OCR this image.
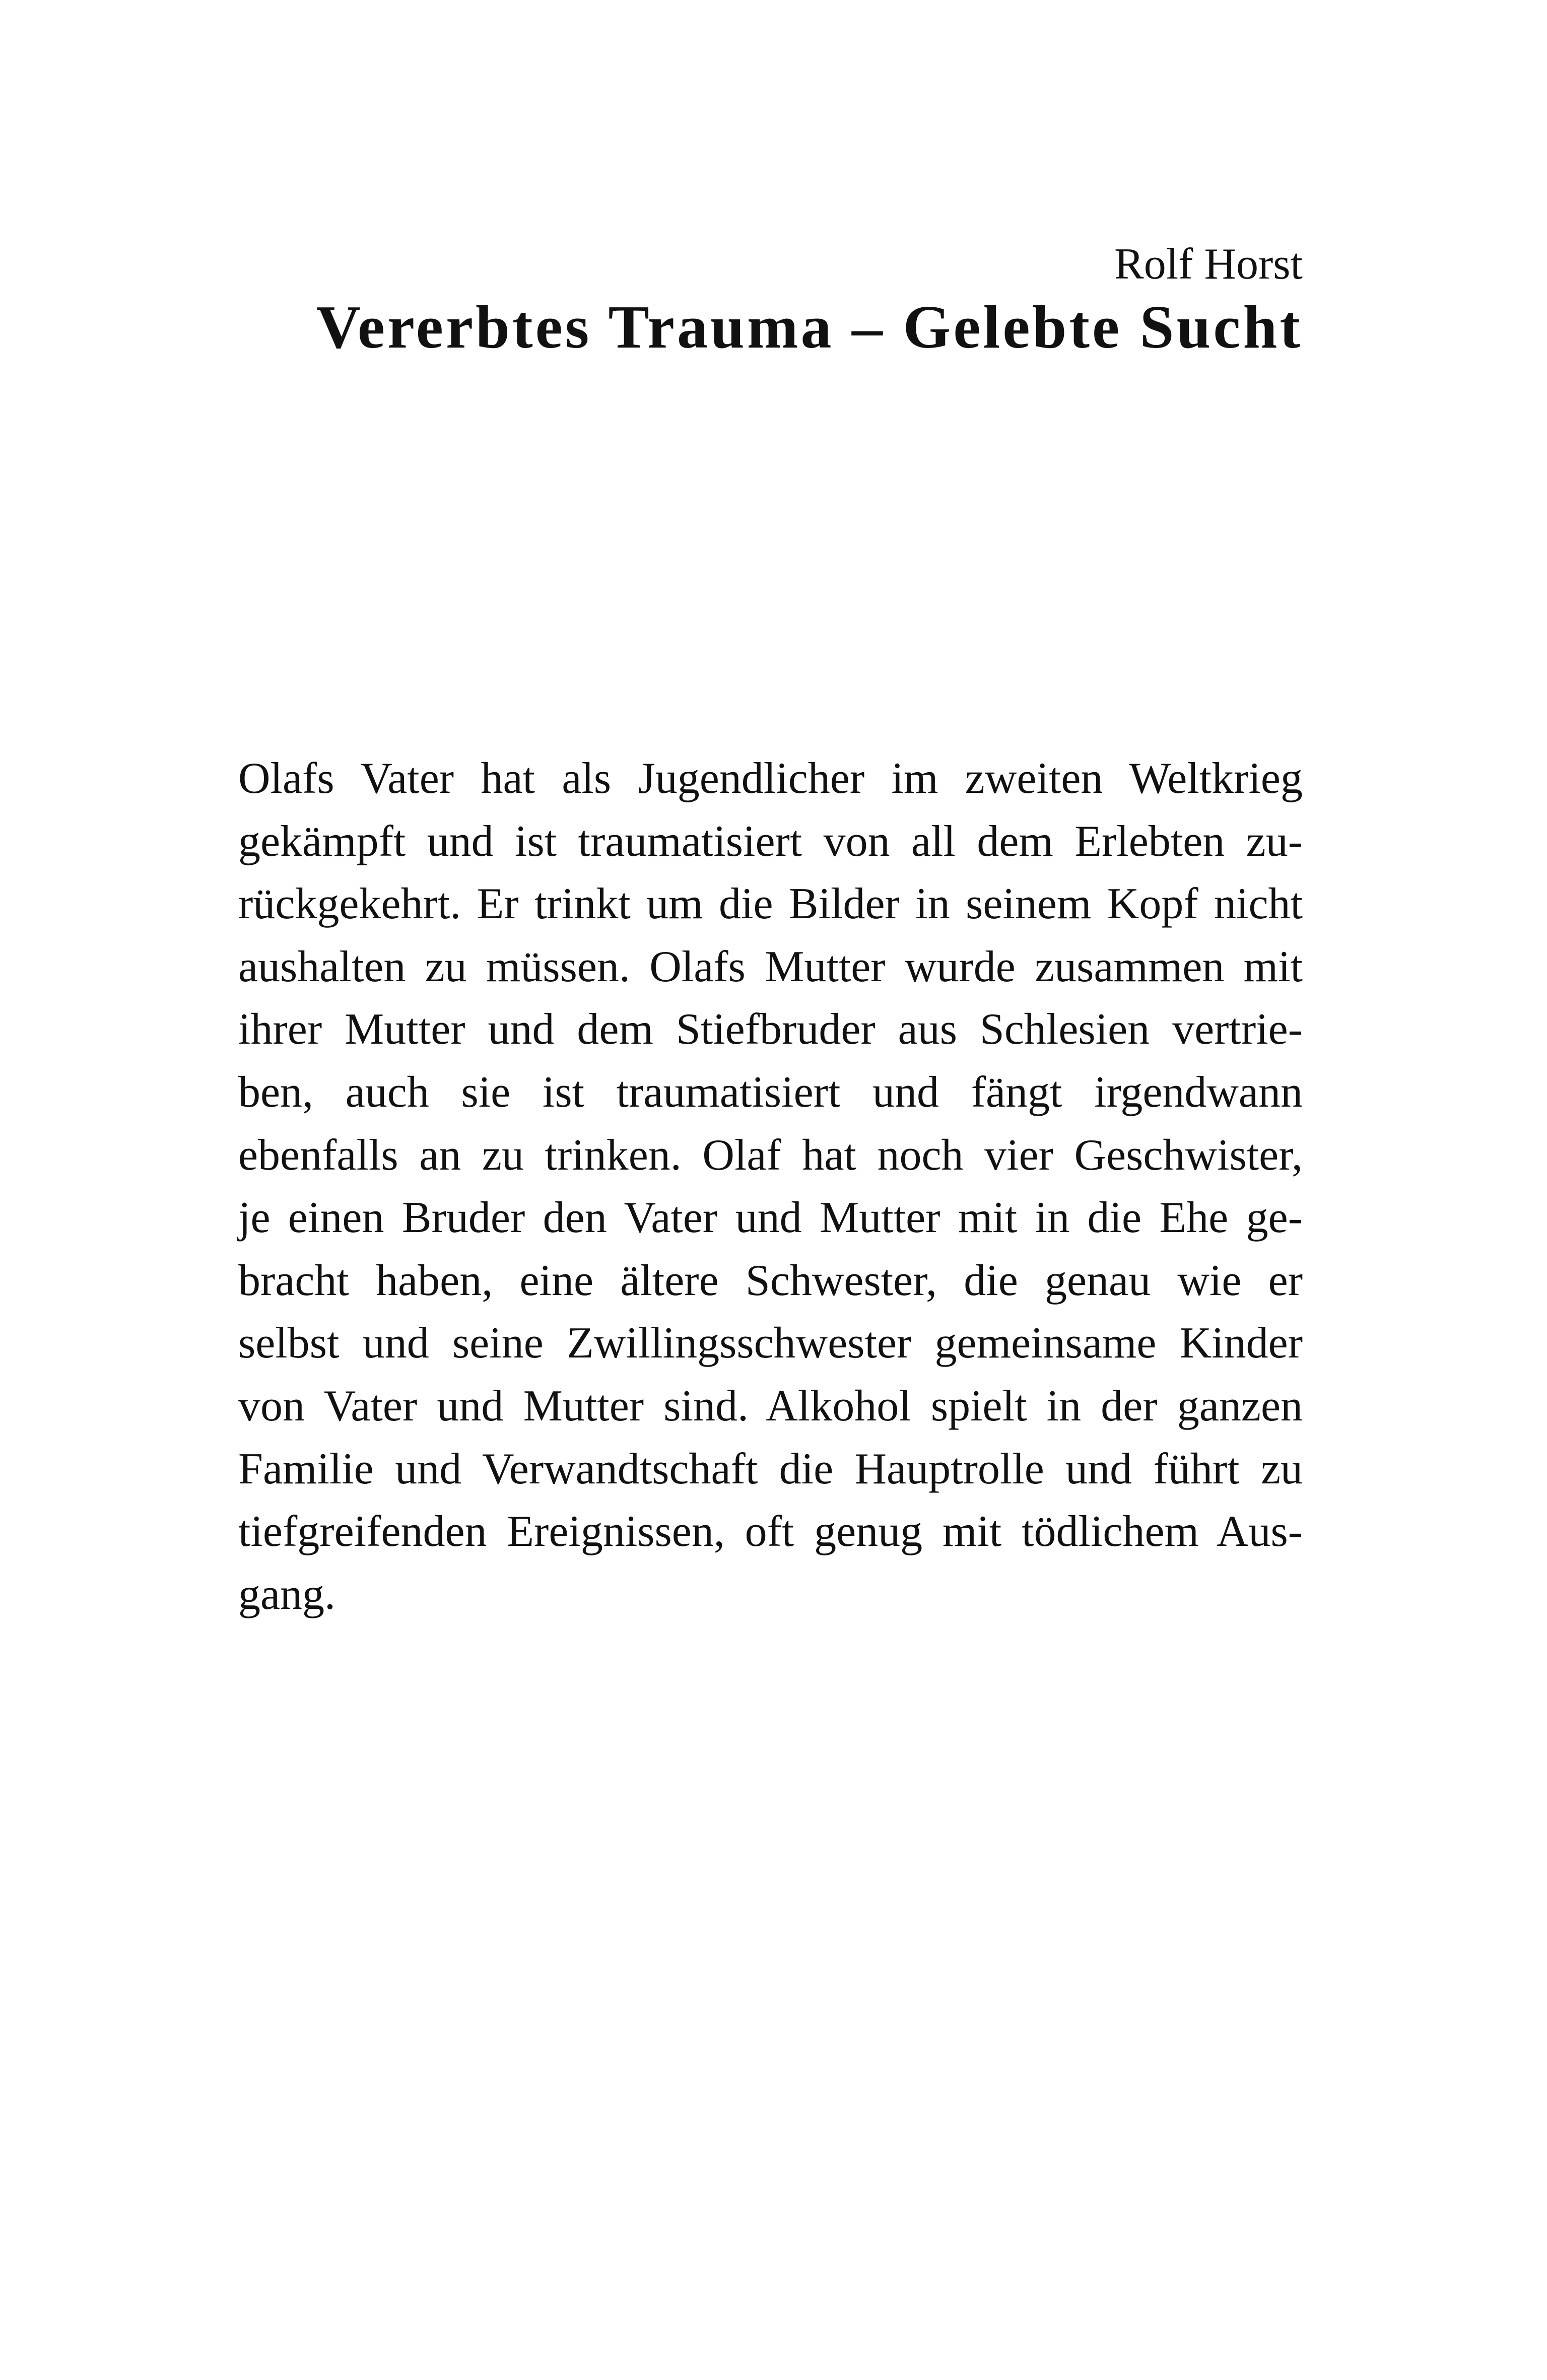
Rolf Horst

Vererbtes Trauma – Gelebte Sucht

Olafs Vater hat als Jugendlicher im zweiten Weltkrieg
gekämpft und ist traumatisiert von all dem Erlebten zu-
rückgekehrt. Er trinkt um die Bilder in seinem Kopf nicht
aushalten zu müssen. Olafs Mutter wurde zusammen mit
ihrer Mutter und dem Stiefbruder aus Schlesien vertrie-
ben, auch sie ist traumatisiert und fängt irgendwann
ebenfalls an zu trinken. Olaf hat noch vier Geschwister,
je einen Bruder den Vater und Mutter mit in die Ehe ge-
bracht haben, eine ältere Schwester, die genau wie er
selbst und seine Zwillingsschwester gemeinsame Kinder
von Vater und Mutter sind. Alkohol spielt in der ganzen
Familie und Verwandtschaft die Hauptrolle und führt zu
tiefgreifenden Ereignissen, oft genug mit tödlichem Aus-
gang.
